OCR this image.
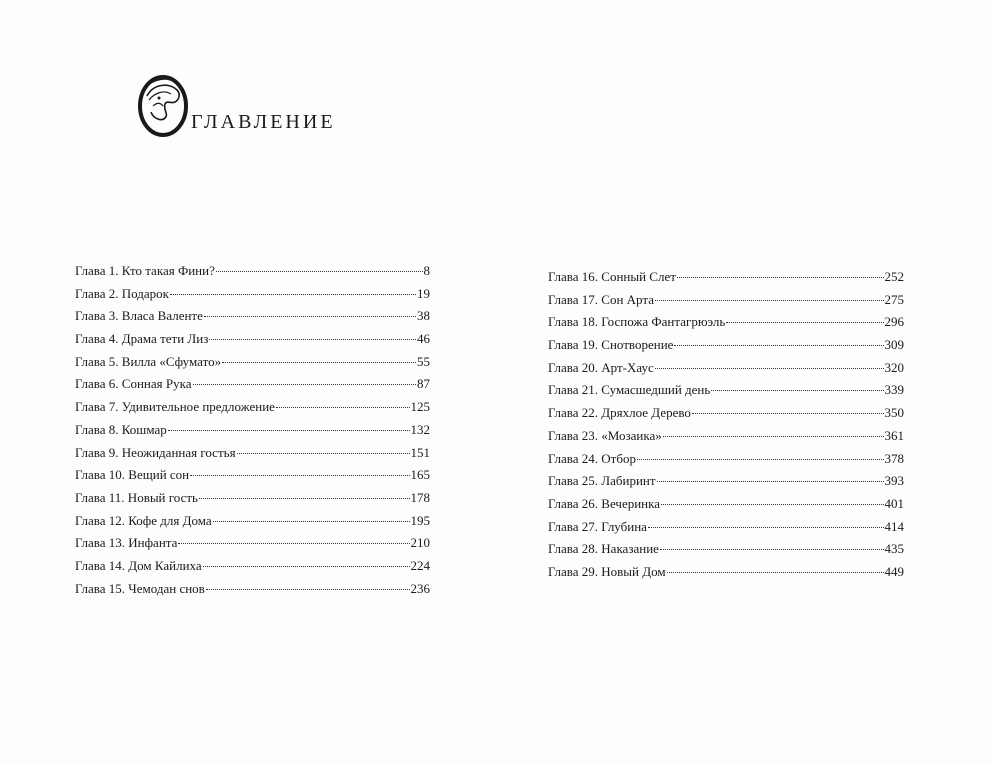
главление
Глава 1. Кто такая Фини?	8
Глава 2. Подарок	19
Глава 3. Власа Валенте	38
Глава 4. Драма тети Лиз	46
Глава 5. Вилла «Сфумато»	55
Глава 6. Сонная Рука	87
Глава 7. Удивительное предложение	125
Глава 8. Кошмар	132
Глава 9. Неожиданная гостья	151
Глава 10. Вещий сон	165
Глава 11. Новый гость	178
Глава 12. Кофе для Дома	195
Глава 13. Инфанта	210
Глава 14. Дом Кайлиха	224
Глава 15. Чемодан снов	236
Глава 16. Сонный Слет	252
Глава 17. Сон Арта	275
Глава 18. Госпожа Фантагрюэль	296
Глава 19. Снотворение	309
Глава 20. Арт-Хаус	320
Глава 21. Сумасшедший день	339
Глава 22. Дряхлое Дерево	350
Глава 23. «Мозаика»	361
Глава 24. Отбор	378
Глава 25. Лабиринт	393
Глава 26. Вечеринка	401
Глава 27. Глубина	414
Глава 28. Наказание	435
Глава 29. Новый Дом	449
